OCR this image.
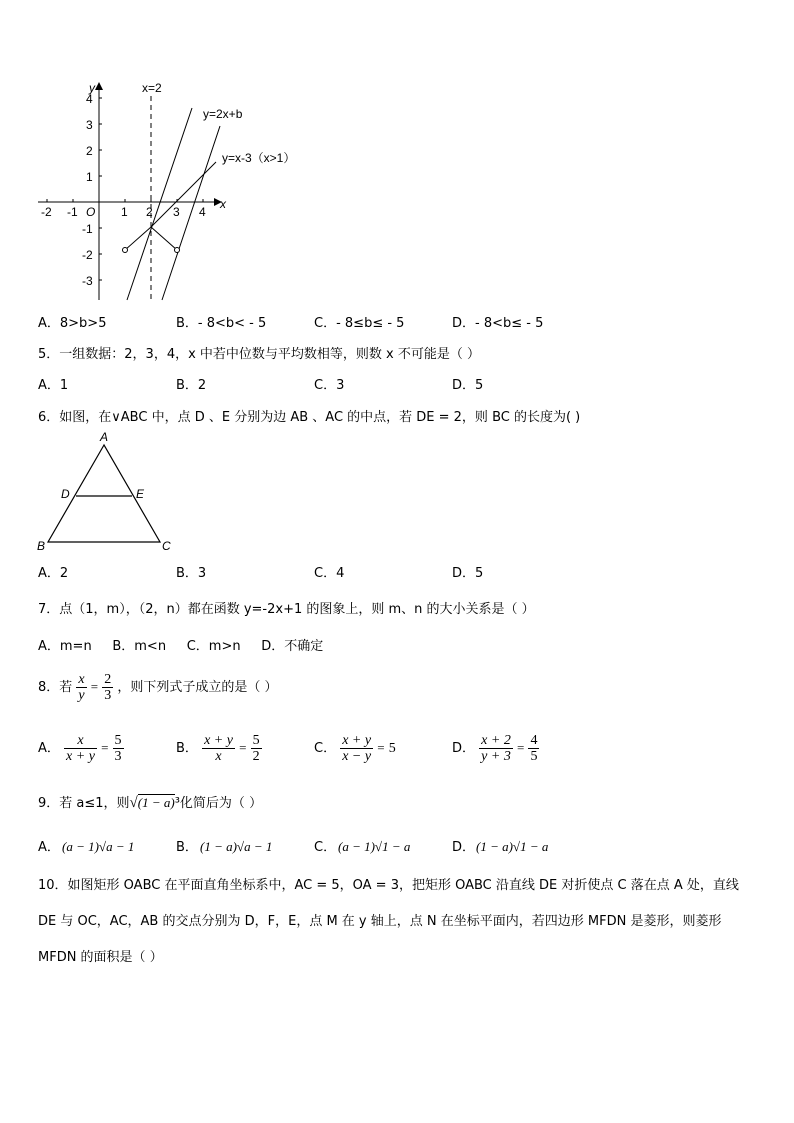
y
x
O
-2 -1	1 2 3 4
4
3
2
1
-1
-2
-3
x=2
y=2x+b
y=x-3（x>1）
A．8>b>5	B．- 8<b< - 5	C．- 8≤b≤ - 5	D．- 8<b≤ - 5
5．一组数据：2，3，4，x 中若中位数与平均数相等，则数 x 不可能是（ ）
A．1	B．2	C．3	D．5
6．如图，在∨ABC 中，点 D 、E 分别为边 AB 、AC 的中点，若 DE = 2，则 BC 的长度为( )
A
B	C
D	E
A．2	B．3	C．4	D．5
7．点（1，m），（2，n）都在函数 y=-2x+1 的图象上，则 m、n 的大小关系是（ ）
A．m=n     B．m<n     C．m>n     D．不确定
8．若 $\frac{x}{y} = \frac{2}{3}$ ，则下列式子成立的是（ ）
A． $\frac{x}{x + y} = \frac{5}{3}$	B． $\frac{x + y}{x} = \frac{5}{2}$	C． $\frac{x + y}{x - y} = 5$	D． $\frac{x + 2}{y + 3} = \frac{4}{5}$
9．若 a≤1，则√(1 − a)³化简后为（ ）
A． (a − 1)√a − 1	B． (1 − a)√a − 1	C． (a − 1)√1 − a	D． (1 − a)√1 − a
10．如图矩形 OABC 在平面直角坐标系中，AC = 5，OA = 3，把矩形 OABC 沿直线 DE 对折使点 C 落在点 A 处，直线
DE 与 OC，AC，AB 的交点分别为 D，F，E，点 M 在 y 轴上，点 N 在坐标平面内，若四边形 MFDN 是菱形，则菱形
MFDN 的面积是（ ）
